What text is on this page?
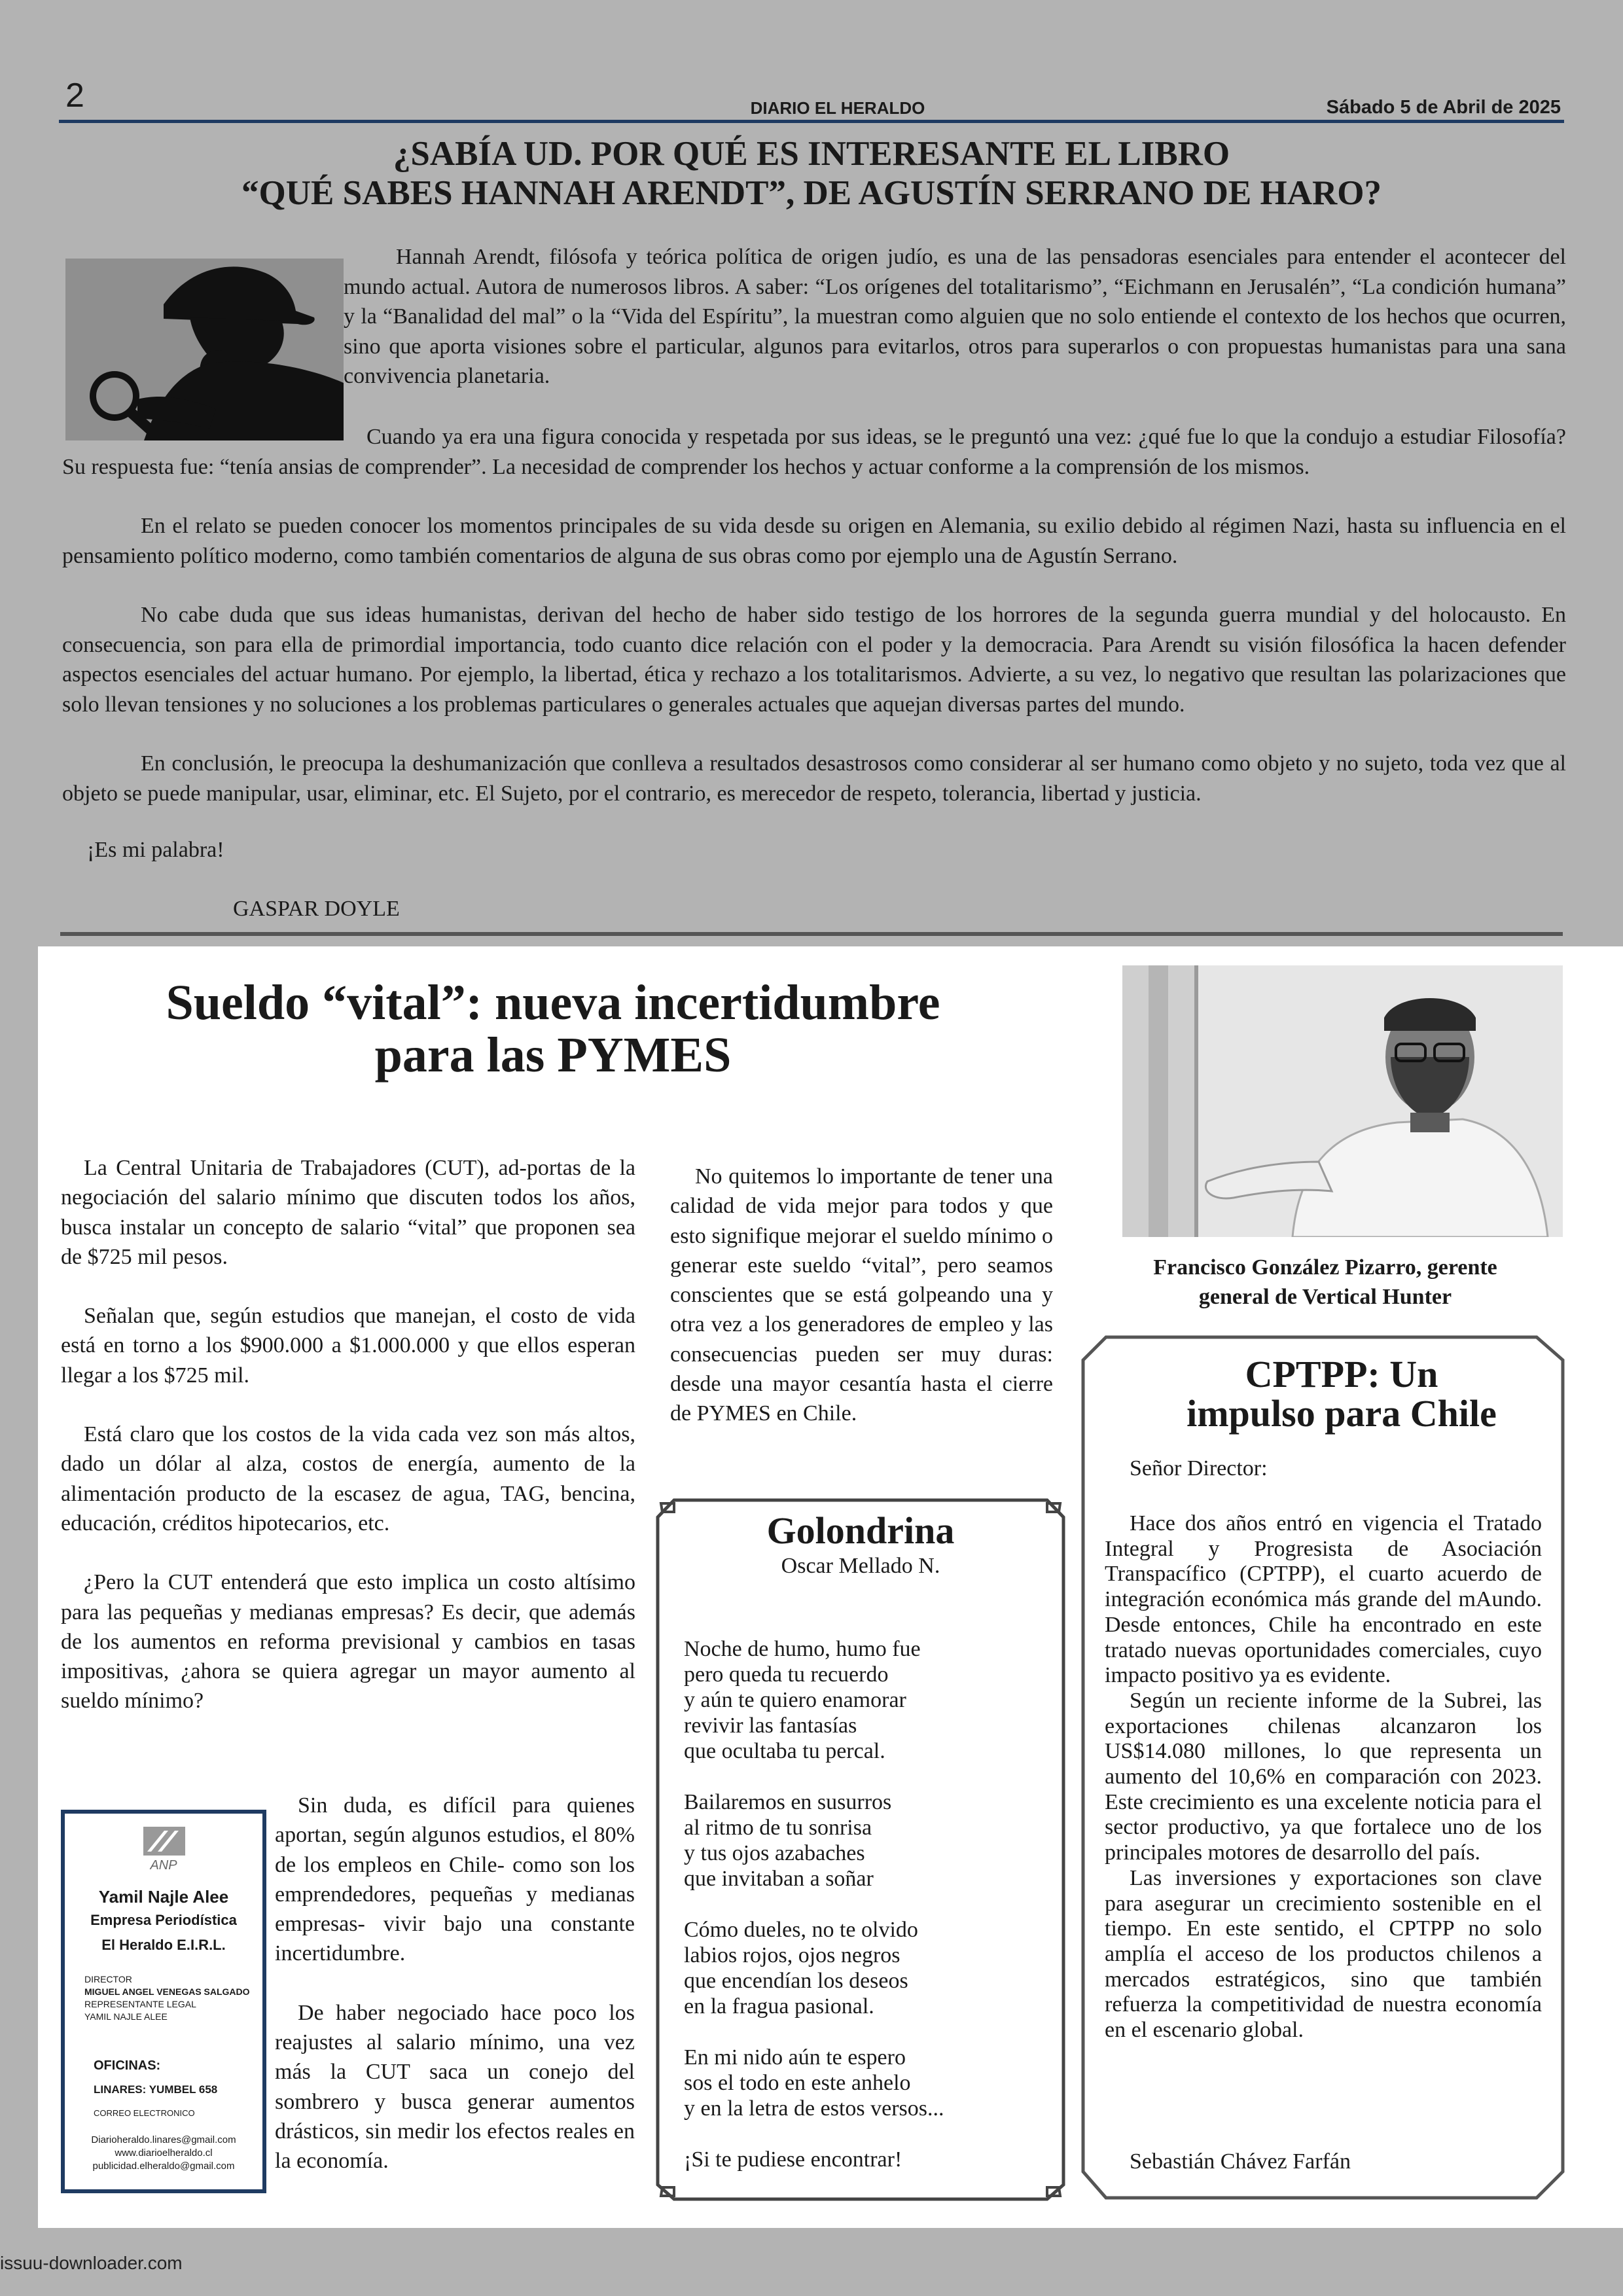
2	DIARIO EL HERALDO	Sábado 5 de Abril de 2025
¿SABÍA UD. POR QUÉ ES INTERESANTE EL LIBRO
“QUÉ SABES HANNAH ARENDT”, DE AGUSTÍN SERRANO DE HARO?

Hannah Arendt, filósofa y teórica política de origen judío, es una de las pensadoras esenciales para entender el acontecer del mundo actual. Autora de numerosos libros. A saber: “Los orígenes del totalitarismo”, “Eichmann en Jerusalén”, “La condición humana” y la “Banalidad del mal” o la “Vida del Espíritu”, la muestran como alguien que no solo entiende el contexto de los hechos que ocurren, sino que aporta visiones sobre el particular, algunos para evitarlos, otros para superarlos o con propuestas humanistas para una sana convivencia planetaria.

Cuando ya era una figura conocida y respetada por sus ideas, se le preguntó una vez: ¿qué fue lo que la condujo a estudiar Filosofía? Su respuesta fue: “tenía ansias de comprender”. La necesidad de comprender los hechos y actuar conforme a la comprensión de los mismos.

En el relato se pueden conocer los momentos principales de su vida desde su origen en Alemania, su exilio debido al régimen Nazi, hasta su influencia en el pensamiento político moderno, como también comentarios de alguna de sus obras como por ejemplo una de Agustín Serrano.

No cabe duda que sus ideas humanistas, derivan del hecho de haber sido testigo de los horrores de la segunda guerra mundial y del holocausto. En consecuencia, son para ella de primordial importancia, todo cuanto dice relación con el poder y la democracia. Para Arendt su visión filosófica la hacen defender aspectos esenciales del actuar humano. Por ejemplo, la libertad, ética y rechazo a los totalitarismos. Advierte, a su vez, lo negativo que resultan las polarizaciones que solo llevan tensiones y no soluciones a los problemas particulares o generales actuales que aquejan diversas partes del mundo.

En conclusión, le preocupa la deshumanización que conlleva a resultados desastrosos como considerar al ser humano como objeto y no sujeto, toda vez que al objeto se puede manipular, usar, eliminar, etc. El Sujeto, por el contrario, es merecedor de respeto, tolerancia, libertad y justicia.

¡Es mi palabra!
GASPAR DOYLE
Sueldo “vital”: nueva incertidumbre
para las PYMES

La Central Unitaria de Trabajadores (CUT), ad-portas de la negociación del salario mínimo que discuten todos los años, busca instalar un concepto de salario “vital” que proponen sea de $725 mil pesos.

Señalan que, según estudios que manejan, el costo de vida está en torno a los $900.000 a $1.000.000 y que ellos esperan llegar a los $725 mil.

Está claro que los costos de la vida cada vez son más altos, dado un dólar al alza, costos de energía, aumento de la alimentación producto de la escasez de agua, TAG, bencina, educación, créditos hipotecarios, etc.

¿Pero la CUT entenderá que esto implica un costo altísimo para las pequeñas y medianas empresas? Es decir, que además de los aumentos en reforma previsional y cambios en tasas impositivas, ¿ahora se quiera agregar un mayor aumento al sueldo mínimo?

Sin duda, es difícil para quienes aportan, según algunos estudios, el 80% de los empleos en Chile- como son los emprendedores, pequeñas y medianas empresas- vivir bajo una constante incertidumbre.

De haber negociado hace poco los reajustes al salario mínimo, una vez más la CUT saca un conejo del sombrero y busca generar aumentos drásticos, sin medir los efectos reales en la economía.

No quitemos lo importante de tener una calidad de vida mejor para todos y que esto signifique mejorar el sueldo mínimo o generar este sueldo “vital”, pero seamos conscientes que se está golpeando una y otra vez a los generadores de empleo y las consecuencias pueden ser muy duras: desde una mayor cesantía hasta el cierre de PYMES en Chile.

ANP
Yamil Najle Alee
Empresa Periodística
El Heraldo E.I.R.L.
DIRECTOR
MIGUEL ANGEL VENEGAS SALGADO
REPRESENTANTE LEGAL
YAMIL NAJLE ALEE
OFICINAS:
LINARES: YUMBEL 658
CORREO ELECTRONICO
Diarioheraldo.linares@gmail.com
www.diarioelheraldo.cl
publicidad.elheraldo@gmail.com
Golondrina
Oscar Mellado N.
Noche de humo, humo fue
pero queda tu recuerdo
y aún te quiero enamorar
revivir las fantasías
que ocultaba tu percal.
Bailaremos en susurros
al ritmo de tu sonrisa
y tus ojos azabaches
que invitaban a soñar
Cómo dueles, no te olvido
labios rojos, ojos negros
que encendían los deseos
en la fragua pasional.
En mi nido aún te espero
sos el todo en este anhelo
y en la letra de estos versos...
¡Si te pudiese encontrar!
Francisco González Pizarro, gerente
general de Vertical Hunter
CPTPP: Un
impulso para Chile
Señor Director:

Hace dos años entró en vigencia el Tratado Integral y Progresista de Asociación Transpacífico (CPTPP), el cuarto acuerdo de integración económica más grande del mAundo. Desde entonces, Chile ha encontrado en este tratado nuevas oportunidades comerciales, cuyo impacto positivo ya es evidente.

Según un reciente informe de la Subrei, las exportaciones chilenas alcanzaron los US$14.080 millones, lo que representa un aumento del 10,6% en comparación con 2023. Este crecimiento es una excelente noticia para el sector productivo, ya que fortalece uno de los principales motores de desarrollo del país.

Las inversiones y exportaciones son clave para asegurar un crecimiento sostenible en el tiempo. En este sentido, el CPTPP no solo amplía el acceso de los productos chilenos a mercados estratégicos, sino que también refuerza la competitividad de nuestra economía en el escenario global.

Sebastián Chávez Farfán
issuu-downloader.com
